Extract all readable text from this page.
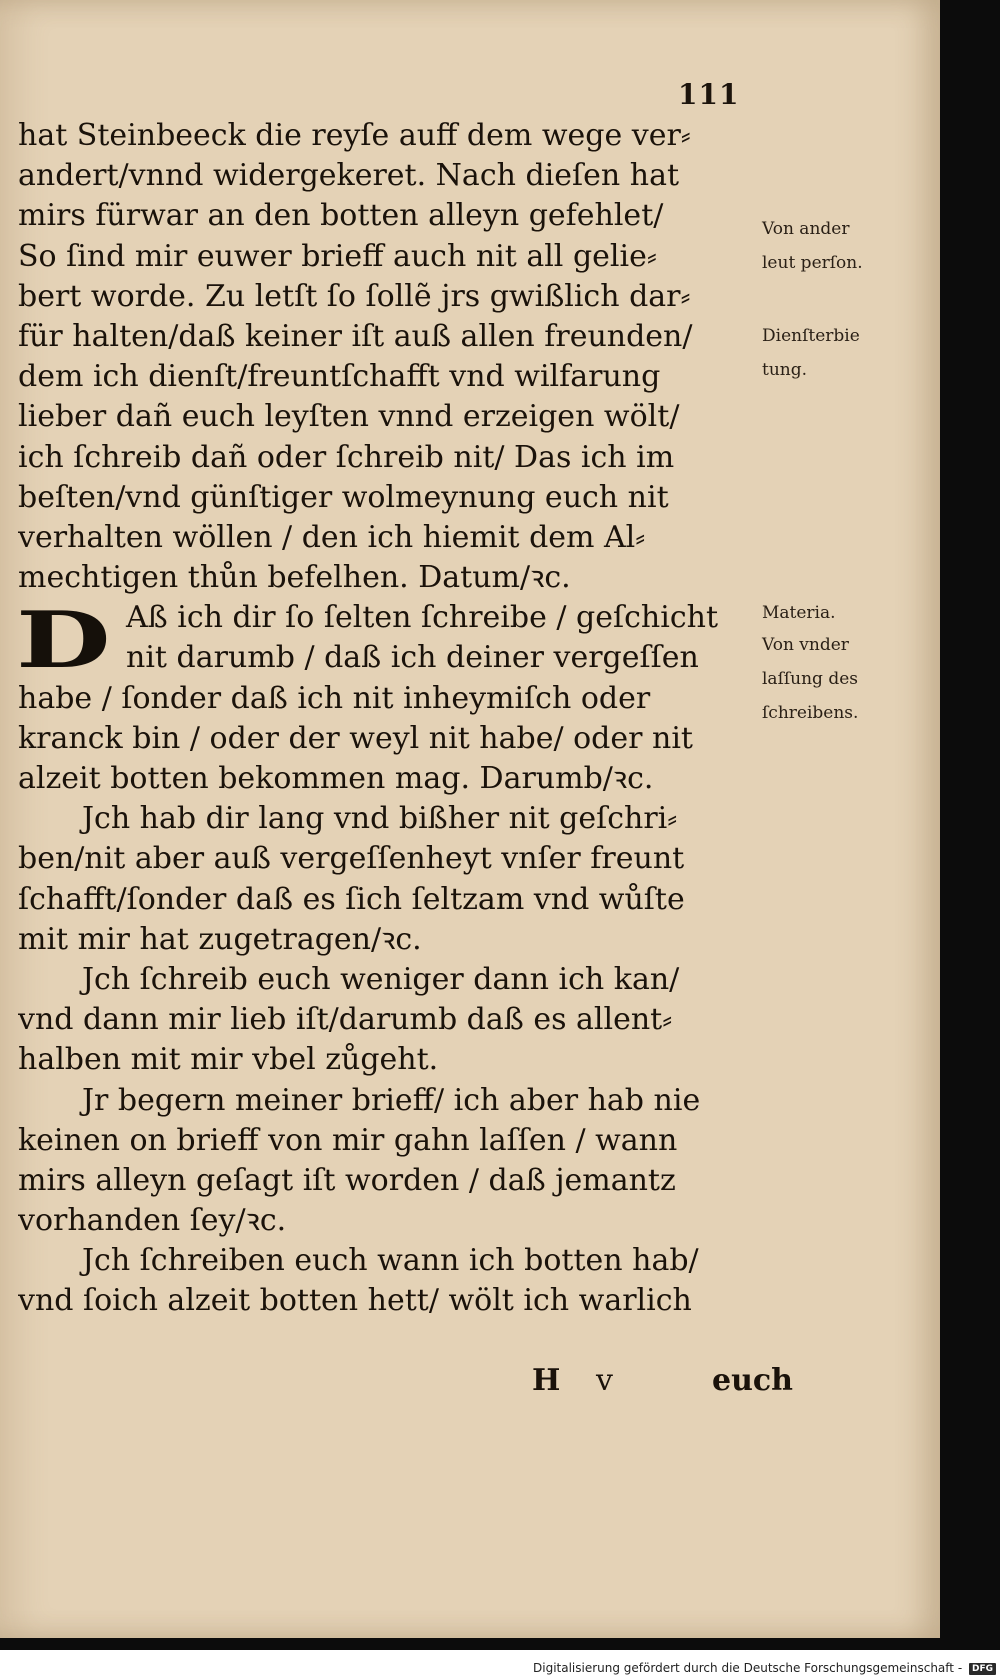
111
hat Steinbeeck die reyſe auff dem wege ver⸗
andert/vnnd widergekeret. Nach dieſen hat
mirs fürwar an den botten alleyn gefehlet/
So ſind mir euwer brieff auch nit all gelie⸗
bert worde. Zu letſt ſo ſollẽ jrs gwißlich dar⸗
für halten/daß keiner iſt auß allen freunden/
dem ich dienſt/freuntſchafft vnd wilfarung
lieber dañ euch leyſten vnnd erzeigen wölt/
ich ſchreib dañ oder ſchreib nit/ Das ich im
beſten/vnd günſtiger wolmeynung euch nit
verhalten wöllen / den ich hiemit dem Al⸗
mechtigen thůn befelhen. Datum/ꝛc.
D Aß ich dir ſo ſelten ſchreibe / geſchicht
nit darumb / daß ich deiner vergeſſen
habe / ſonder daß ich nit inheymiſch oder
kranck bin / oder der weyl nit habe/ oder nit
alzeit botten bekommen mag. Darumb/ꝛc.
Jch hab dir lang vnd bißher nit geſchri⸗
ben/nit aber auß vergeſſenheyt vnſer freunt
ſchafft/ſonder daß es ſich ſeltzam vnd wůſte
mit mir hat zugetragen/ꝛc.
Jch ſchreib euch weniger dann ich kan/
vnd dann mir lieb iſt/darumb daß es allent⸗
halben mit mir vbel zůgeht.
Jr begern meiner brieff/ ich aber hab nie
keinen on brieff von mir gahn laſſen / wann
mirs alleyn geſagt iſt worden / daß jemantz
vorhanden ſey/ꝛc.
Jch ſchreiben euch wann ich botten hab/
vnd ſoich alzeit botten hett/ wölt ich warlich
H v	euch
Von ander
leut perſon.
Dienſterbie
tung.
Materia.
Von vnder
laſſung des
ſchreibens.
Digitalisierung gefördert durch die Deutsche Forschungsgemeinschaft - DFG
